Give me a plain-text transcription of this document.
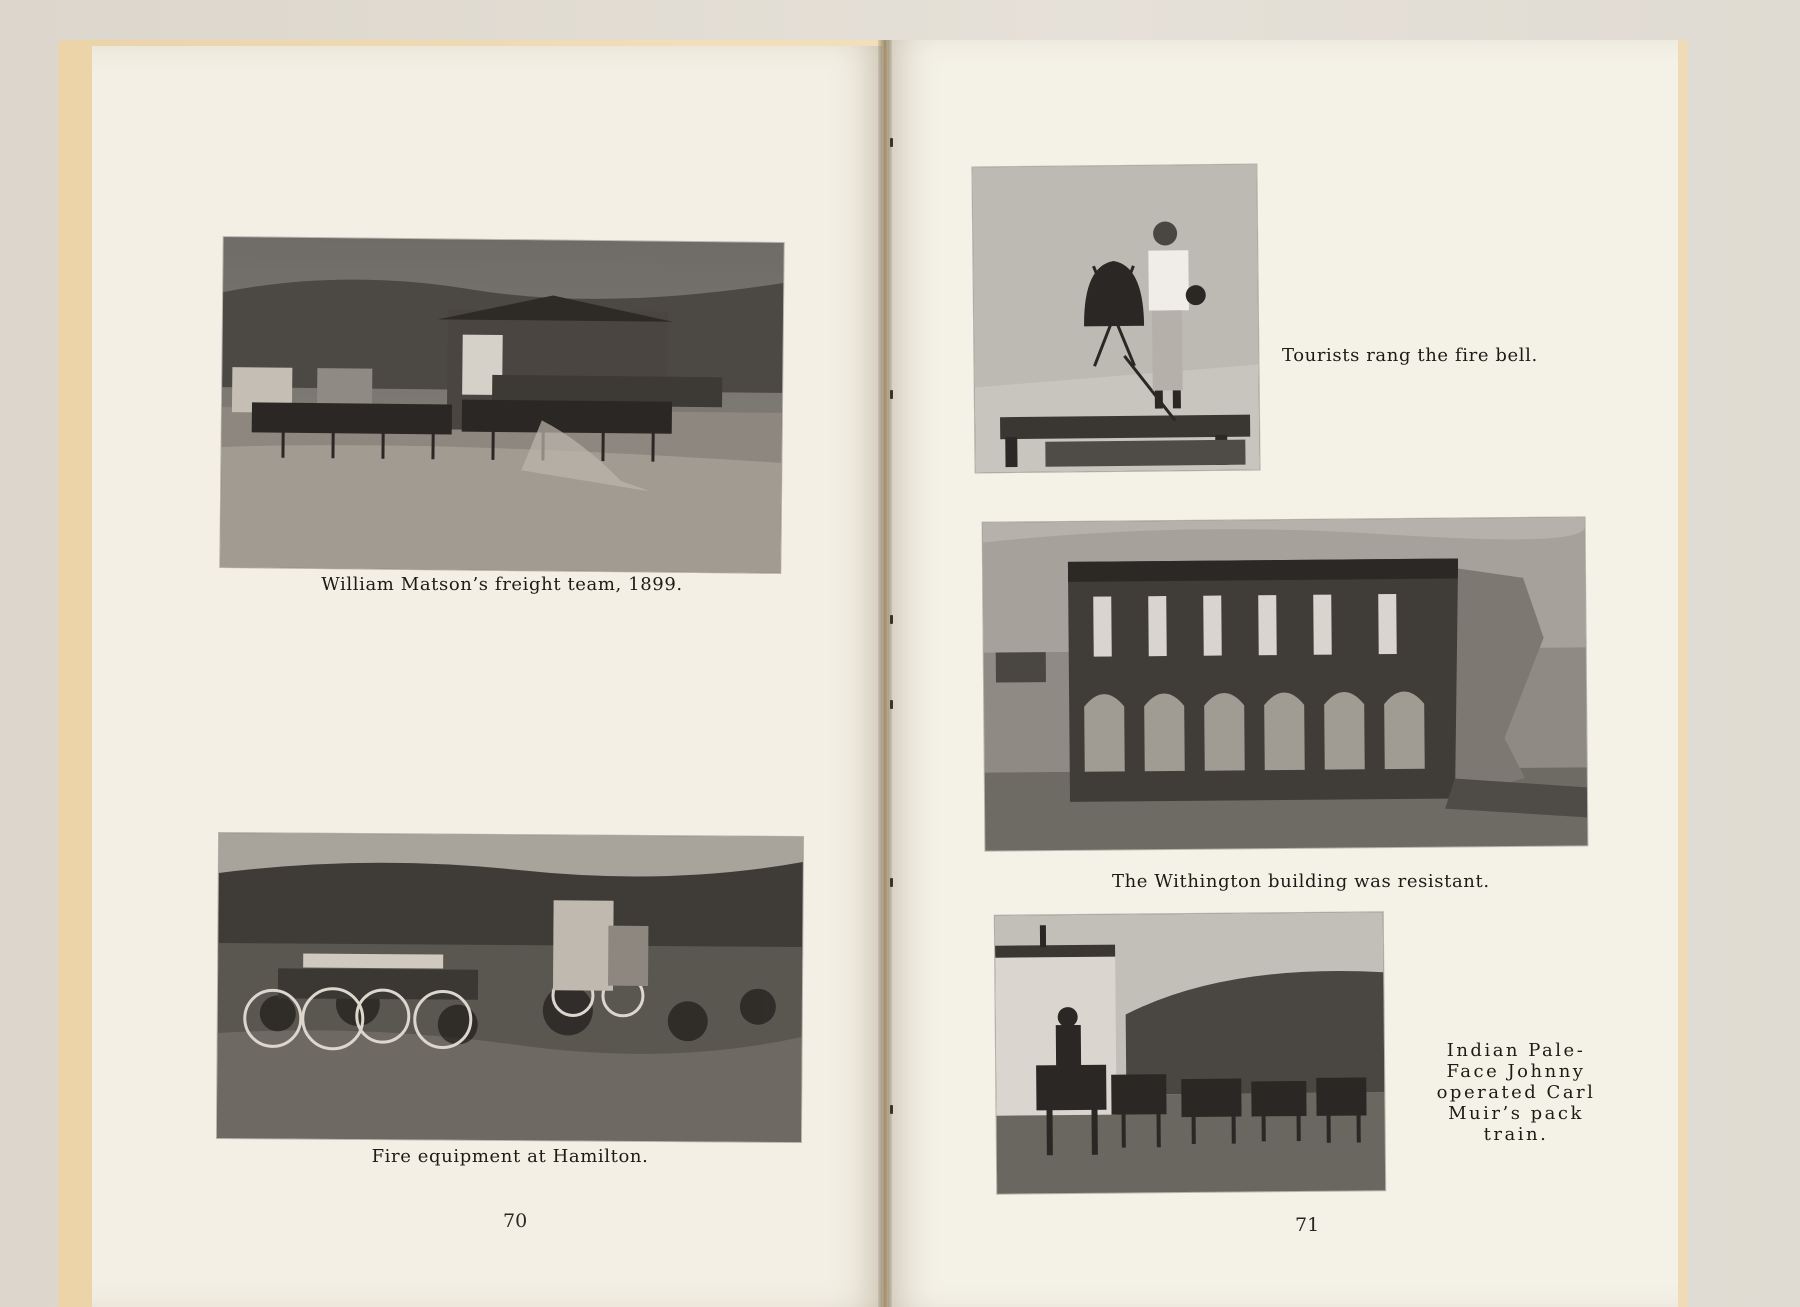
William Matson’s freight team, 1899.
Fire equipment at Hamilton.
70
Tourists rang the fire bell.
The Withington building was resistant.
Indian Pale-
Face Johnny
operated Carl
Muir’s pack
train.
71
